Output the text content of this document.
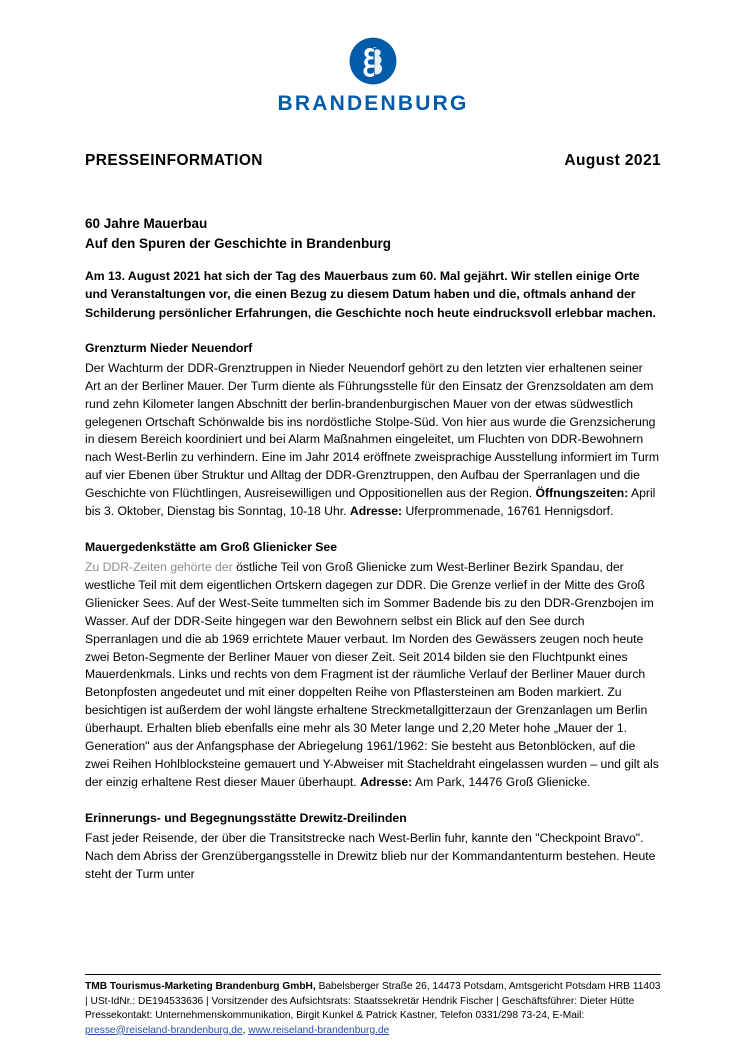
BRANDENBURG
PRESSEINFORMATION	August 2021
60 Jahre Mauerbau
Auf den Spuren der Geschichte in Brandenburg
Am 13. August 2021 hat sich der Tag des Mauerbaus zum 60. Mal gejährt. Wir stellen einige Orte und Veranstaltungen vor, die einen Bezug zu diesem Datum haben und die, oftmals anhand der Schilderung persönlicher Erfahrungen, die Geschichte noch heute eindrucksvoll erlebbar machen.
Grenzturm Nieder Neuendorf
Der Wachturm der DDR-Grenztruppen in Nieder Neuendorf gehört zu den letzten vier erhaltenen seiner Art an der Berliner Mauer. Der Turm diente als Führungsstelle für den Einsatz der Grenzsoldaten am dem rund zehn Kilometer langen Abschnitt der berlin-brandenburgischen Mauer von der etwas südwestlich gelegenen Ortschaft Schönwalde bis ins nordöstliche Stolpe-Süd. Von hier aus wurde die Grenzsicherung in diesem Bereich koordiniert und bei Alarm Maßnahmen eingeleitet, um Fluchten von DDR-Bewohnern nach West-Berlin zu verhindern. Eine im Jahr 2014 eröffnete zweisprachige Ausstellung informiert im Turm auf vier Ebenen über Struktur und Alltag der DDR-Grenztruppen, den Aufbau der Sperranlagen und die Geschichte von Flüchtlingen, Ausreisewilligen und Oppositionellen aus der Region. Öffnungszeiten: April bis 3. Oktober, Dienstag bis Sonntag, 10-18 Uhr. Adresse: Uferprommenade, 16761 Hennigsdorf.
Mauergedenkstätte am Groß Glienicker See
Zu DDR-Zeiten gehörte der östliche Teil von Groß Glienicke zum West-Berliner Bezirk Spandau, der westliche Teil mit dem eigentlichen Ortskern dagegen zur DDR. Die Grenze verlief in der Mitte des Groß Glienicker Sees. Auf der West-Seite tummelten sich im Sommer Badende bis zu den DDR-Grenzbojen im Wasser. Auf der DDR-Seite hingegen war den Bewohnern selbst ein Blick auf den See durch Sperranlagen und die ab 1969 errichtete Mauer verbaut. Im Norden des Gewässers zeugen noch heute zwei Beton-Segmente der Berliner Mauer von dieser Zeit. Seit 2014 bilden sie den Fluchtpunkt eines Mauerdenkmals. Links und rechts von dem Fragment ist der räumliche Verlauf der Berliner Mauer durch Betonpfosten angedeutet und mit einer doppelten Reihe von Pflastersteinen am Boden markiert. Zu besichtigen ist außerdem der wohl längste erhaltene Streckmetallgitterzaun der Grenzanlagen um Berlin überhaupt. Erhalten blieb ebenfalls eine mehr als 30 Meter lange und 2,20 Meter hohe „Mauer der 1. Generation" aus der Anfangsphase der Abriegelung 1961/1962: Sie besteht aus Betonblöcken, auf die zwei Reihen Hohlblocksteine gemauert und Y-Abweiser mit Stacheldraht eingelassen wurden – und gilt als der einzig erhaltene Rest dieser Mauer überhaupt. Adresse: Am Park, 14476 Groß Glienicke.
Erinnerungs- und Begegnungsstätte Drewitz-Dreilinden
Fast jeder Reisende, der über die Transitstrecke nach West-Berlin fuhr, kannte den "Checkpoint Bravo". Nach dem Abriss der Grenzübergangsstelle in Drewitz blieb nur der Kommandantenturm bestehen. Heute steht der Turm unter
TMB Tourismus-Marketing Brandenburg GmbH, Babelsberger Straße 26, 14473 Potsdam, Amtsgericht Potsdam HRB 11403 | USt-IdNr.: DE194533636 | Vorsitzender des Aufsichtsrats: Staatssekretär Hendrik Fischer | Geschäftsführer: Dieter Hütte Pressekontakt: Unternehmenskommunikation, Birgit Kunkel & Patrick Kastner, Telefon 0331/298 73-24, E-Mail: presse@reiseland-brandenburg.de, www.reiseland-brandenburg.de
